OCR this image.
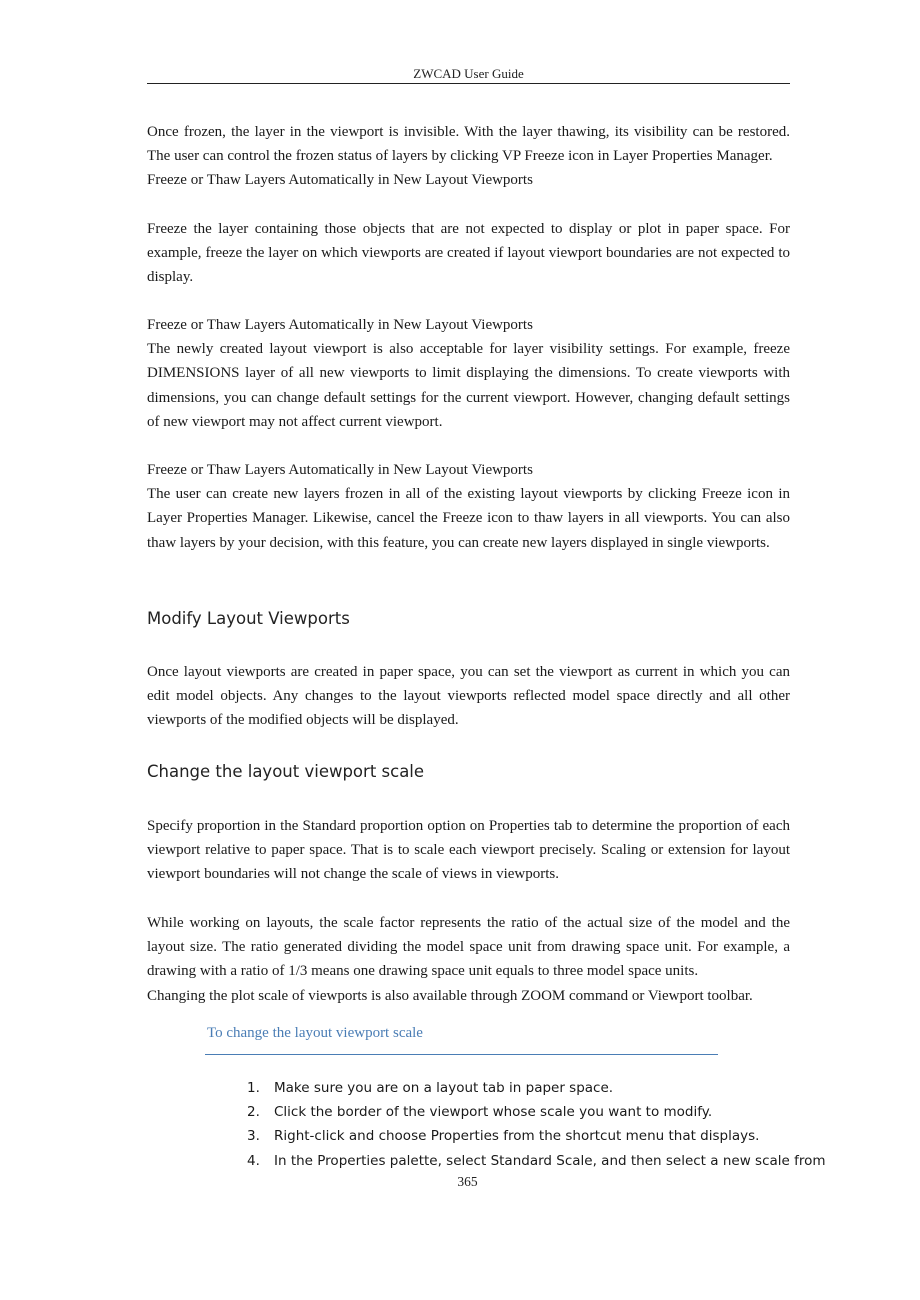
ZWCAD User Guide

Once frozen, the layer in the viewport is invisible. With the layer thawing, its visibility can be restored. The user can control the frozen status of layers by clicking VP Freeze icon in Layer Properties Manager.

Freeze or Thaw Layers Automatically in New Layout Viewports

Freeze the layer containing those objects that are not expected to display or plot in paper space. For example, freeze the layer on which viewports are created if layout viewport boundaries are not expected to display.

Freeze or Thaw Layers Automatically in New Layout Viewports

The newly created layout viewport is also acceptable for layer visibility settings. For example, freeze DIMENSIONS layer of all new viewports to limit displaying the dimensions. To create viewports with dimensions, you can change default settings for the current viewport. However, changing default settings of new viewport may not affect current viewport.

Freeze or Thaw Layers Automatically in New Layout Viewports

The user can create new layers frozen in all of the existing layout viewports by clicking Freeze icon in Layer Properties Manager. Likewise, cancel the Freeze icon to thaw layers in all viewports. You can also thaw layers by your decision, with this feature, you can create new layers displayed in single viewports.

Modify Layout Viewports

Once layout viewports are created in paper space, you can set the viewport as current in which you can edit model objects. Any changes to the layout viewports reflected model space directly and all other viewports of the modified objects will be displayed.

Change the layout viewport scale

Specify proportion in the Standard proportion option on Properties tab to determine the proportion of each viewport relative to paper space. That is to scale each viewport precisely. Scaling or extension for layout viewport boundaries will not change the scale of views in viewports.

While working on layouts, the scale factor represents the ratio of the actual size of the model and the layout size. The ratio generated dividing the model space unit from drawing space unit. For example, a drawing with a ratio of 1/3 means one drawing space unit equals to three model space units.

Changing the plot scale of viewports is also available through ZOOM command or Viewport toolbar.

To change the layout viewport scale
1. Make sure you are on a layout tab in paper space.
2. Click the border of the viewport whose scale you want to modify.
3. Right-click and choose Properties from the shortcut menu that displays.
4. In the Properties palette, select Standard Scale, and then select a new scale from
365
